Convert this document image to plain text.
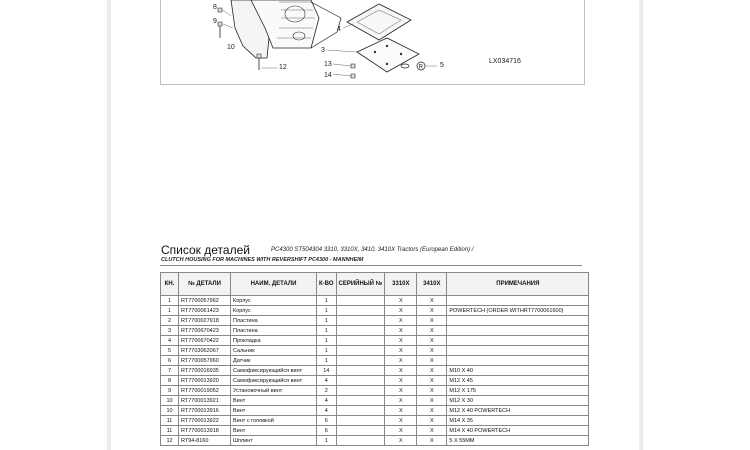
R
8
9
10
12
4
3
13
14
5
LX034716
Список деталей	PC4300 ST504304 3310, 3310X, 3410, 3410X Tractors (European Edition) /
CLUTCH HOUSING FOR MACHINES WITH REVERSHIFT PC4300 - MANNHEIM
КН.	№ ДЕТАЛИ	НАИМ. ДЕТАЛИ	К-ВО	СЕРИЙНЫЙ №	3310X	3410X	ПРИМЕЧАНИЯ
1	RT7700057962	Корпус	1		X	X	
1	RT7700061423	Корпус	1		X	X	POWERTECH (ORDER WITHRT7700061600)
2	RT7700027918	Пластина	1		X	X	
3	RT7700670423	Пластина	1		X	X	
4	RT7700670422	Прокладка	1		X	X	
5	RT7703062067	Сальник	1		X	X	
6	RT7700057960	Датчик	1		X	X	
7	RT7700016935	Самофиксирующийся винт	14		X	X	M10 X 40
8	RT7700013920	Самофиксирующийся винт	4		X	X	M12 X 45
9	RT7700019052	Установочный винт	2		X	X	M12 X 175
10	RT7700013921	Винт	4		X	X	M12 X 30
10	RT7700013916	Винт	4		X	X	M12 X 40 POWERTECH
11	RT7700013922	Винт с головкой	6		X	X	M14 X 35
11	RT7700013918	Винт	6		X	X	M14 X 40 POWERTECH
12	RT94-8160	Шплинт	1		X	X	5 X 55MM
